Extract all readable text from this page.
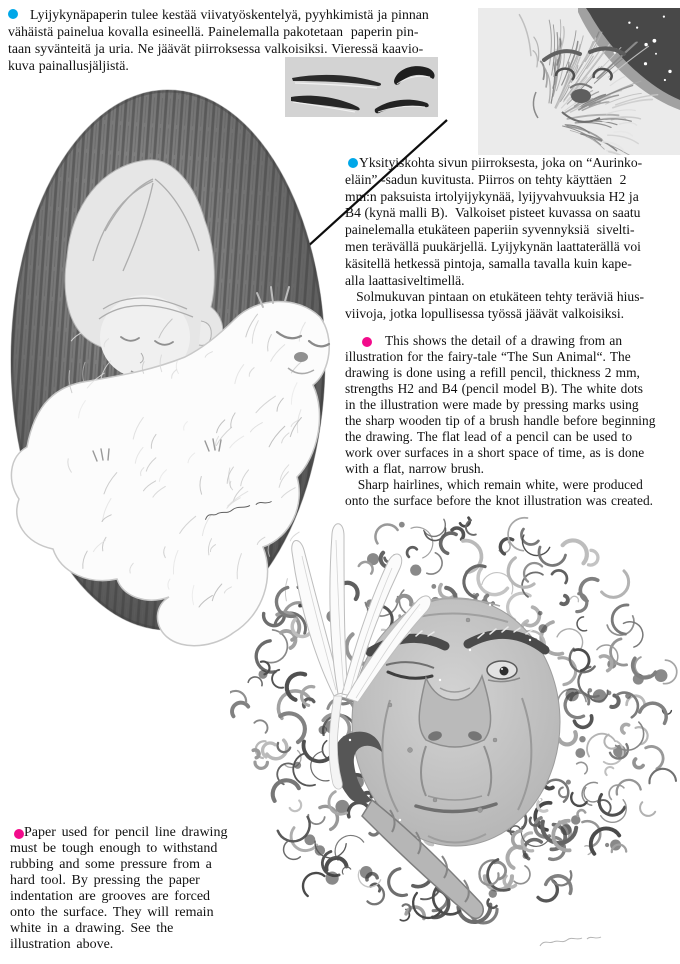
Lyijykynäpaperin tulee kestää viivatyöskentelyä, pyyhkimistä ja pinnan
vähäistä painelua kovalla esineellä. Painelemalla pakotetaan  paperin pin-
taan syvänteitä ja uria. Ne jäävät piirroksessa valkoisiksi. Vieressä kaavio-
kuva painallusjäljistä.
Yksityiskohta sivun piirroksesta, joka on “Aurinko-
eläin” -sadun kuvitusta. Piirros on tehty käyttäen  2
mm:n paksuista irtolyijykynää, lyijyvahvuuksia H2 ja
B4 (kynä malli B).  Valkoiset pisteet kuvassa on saatu
painelemalla etukäteen paperiin syvennyksiä  sivelti-
men terävällä puukärjellä. Lyijykynän laattaterällä voi
käsitellä hetkessä pintoja, samalla tavalla kuin kape-
alla laattasiveltimellä.
Solmukuvan pintaan on etukäteen tehty teräviä hius-
viivoja, jotka lopullisessa työssä jäävät valkoisiksi.
This shows the detail of a drawing from an
illustration for the fairy-tale “The Sun Animal“. The
drawing is done using a refill pencil, thickness 2 mm,
strengths H2 and B4 (pencil model B). The white dots
in the illustration were made by pressing marks using
the sharp wooden tip of a brush handle before beginning
the drawing. The flat lead of a pencil can be used to
work over surfaces in a short space of time, as is done
with a flat, narrow brush.
Sharp hairlines, which remain white, were produced
onto the surface before the knot illustration was created.
Paper used for pencil line drawing
must be tough enough to withstand
rubbing and some pressure from a
hard tool. By pressing the paper
indentation are grooves are forced
onto the surface. They will remain
white in a drawing. See the
illustration above.
